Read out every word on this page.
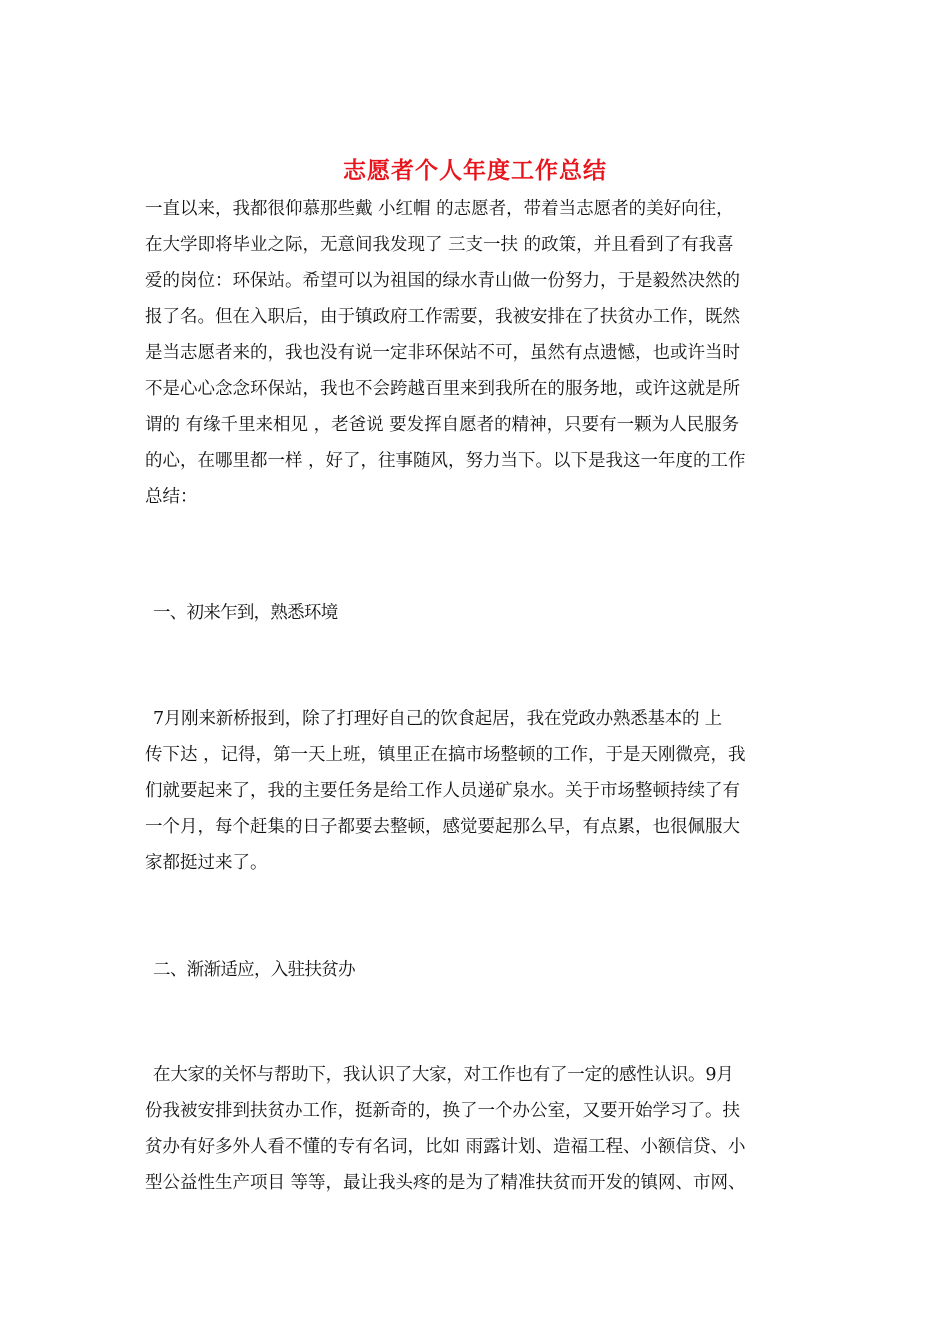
志愿者个人年度工作总结
一直以来，我都很仰慕那些戴 小红帽 的志愿者，带着当志愿者的美好向往，
在大学即将毕业之际，无意间我发现了 三支一扶 的政策，并且看到了有我喜
爱的岗位：环保站。希望可以为祖国的绿水青山做一份努力，于是毅然决然的
报了名。但在入职后，由于镇政府工作需要，我被安排在了扶贫办工作，既然
是当志愿者来的，我也没有说一定非环保站不可，虽然有点遗憾，也或许当时
不是心心念念环保站，我也不会跨越百里来到我所在的服务地，或许这就是所
谓的 有缘千里来相见 ，老爸说 要发挥自愿者的精神，只要有一颗为人民服务
的心，在哪里都一样 ，好了，往事随风，努力当下。以下是我这一年度的工作
总结：
一、初来乍到，熟悉环境
7月刚来新桥报到，除了打理好自己的饮食起居，我在党政办熟悉基本的 上
传下达 ，记得，第一天上班，镇里正在搞市场整顿的工作，于是天刚微亮，我
们就要起来了，我的主要任务是给工作人员递矿泉水。关于市场整顿持续了有
一个月，每个赶集的日子都要去整顿，感觉要起那么早，有点累，也很佩服大
家都挺过来了。
二、渐渐适应，入驻扶贫办
在大家的关怀与帮助下，我认识了大家，对工作也有了一定的感性认识。9月
份我被安排到扶贫办工作，挺新奇的，换了一个办公室，又要开始学习了。扶
贫办有好多外人看不懂的专有名词，比如 雨露计划、造福工程、小额信贷、小
型公益性生产项目 等等，最让我头疼的是为了精准扶贫而开发的镇网、市网、
